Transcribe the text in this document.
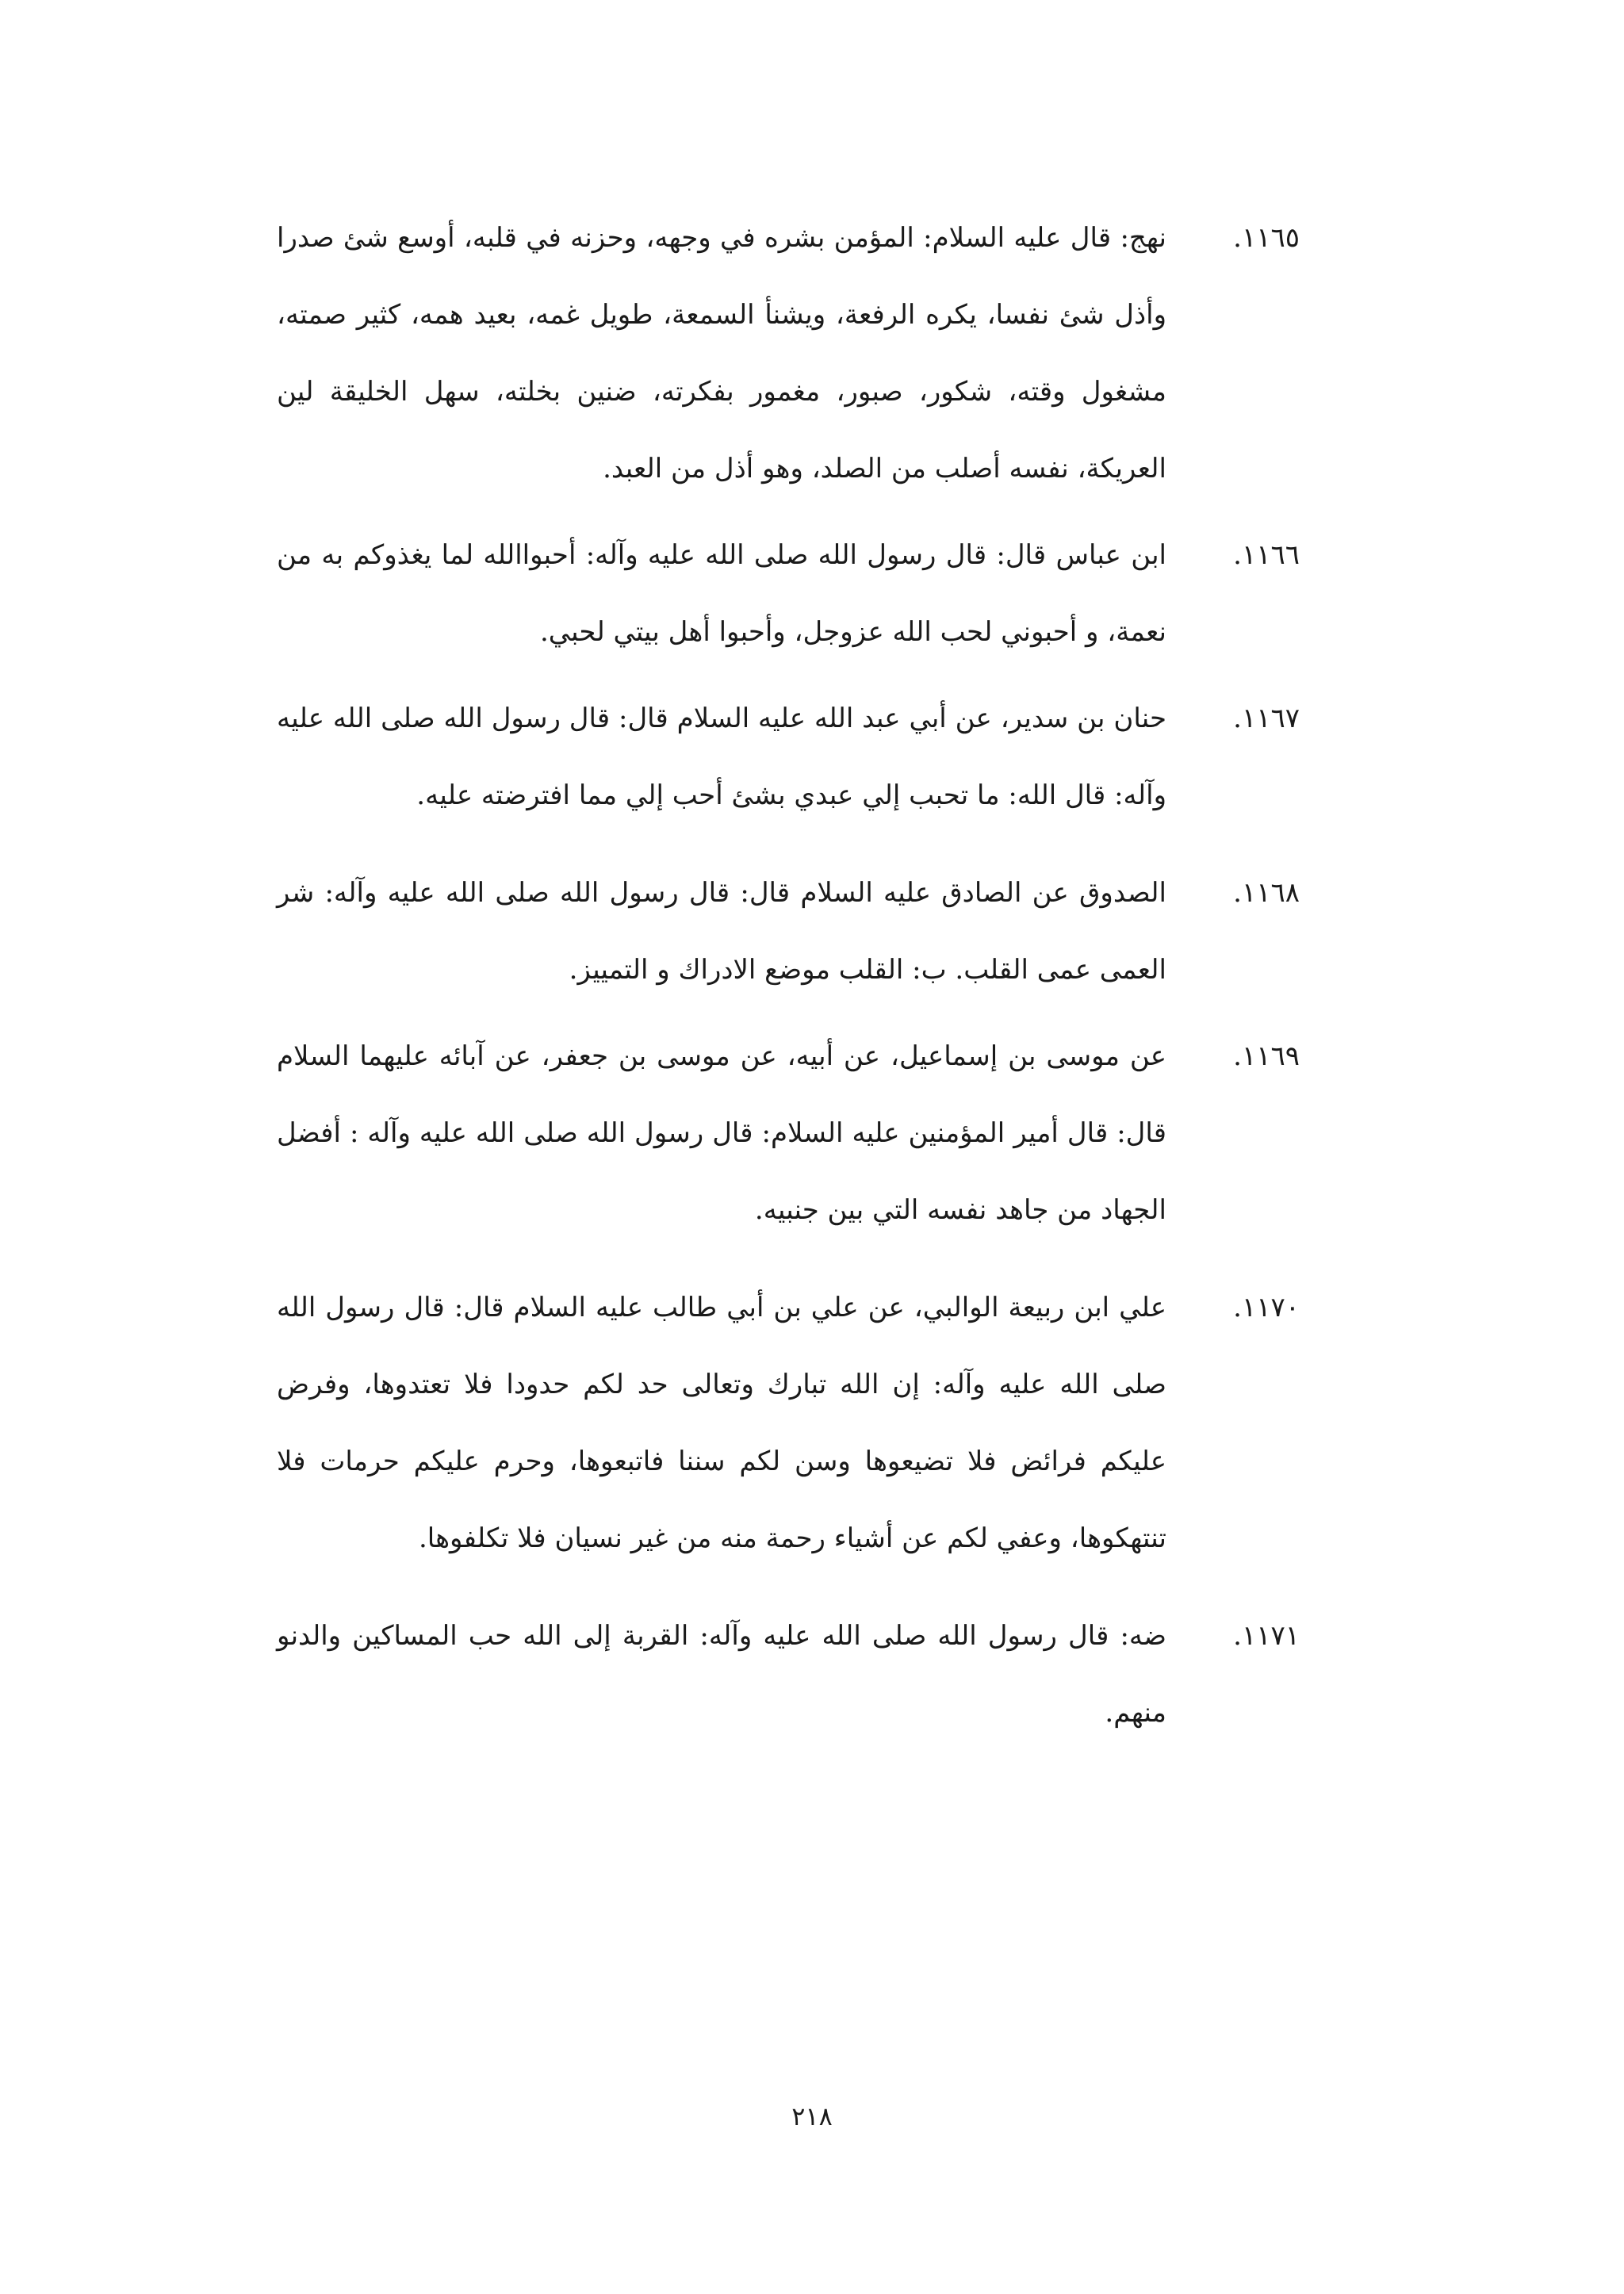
١١٦٥.
نهج: قال عليه السلام: المؤمن بشره في وجهه، وحزنه في قلبه، أوسع شئ صدرا وأذل شئ نفسا، يكره الرفعة، ويشنأ السمعة، طويل غمه، بعيد همه، كثير صمته، مشغول وقته، شكور، صبور، مغمور بفكرته، ضنين بخلته، سهل الخليقة لين العريكة، نفسه أصلب من الصلد، وهو أذل من العبد.
١١٦٦.
ابن عباس قال: قال رسول الله صلى الله عليه وآله: أحبواالله لما يغذوكم به من نعمة، و أحبوني لحب الله عزوجل، وأحبوا أهل بيتي لحبي.
١١٦٧.
حنان بن سدير، عن أبي عبد الله عليه السلام قال: قال رسول الله صلى الله عليه وآله: قال الله: ما تحبب إلي عبدي بشئ أحب إلي مما افترضته عليه.
١١٦٨.
الصدوق عن الصادق عليه السلام قال: قال رسول الله صلى الله عليه وآله: شر العمى عمى القلب. ب: القلب موضع الادراك و التمييز.
١١٦٩.
عن موسى بن إسماعيل، عن أبيه، عن موسى بن جعفر، عن آبائه عليهما السلام قال: قال أمير المؤمنين عليه السلام: قال رسول الله صلى الله عليه وآله : أفضل الجهاد من جاهد نفسه التي بين جنبيه.
١١٧٠.
علي ابن ربيعة الوالبي، عن علي بن أبي طالب عليه السلام قال: قال رسول الله صلى الله عليه وآله: إن الله تبارك وتعالى حد لكم حدودا فلا تعتدوها، وفرض عليكم فرائض فلا تضيعوها وسن لكم سننا فاتبعوها، وحرم عليكم حرمات فلا تنتهكوها، وعفي لكم عن أشياء رحمة منه من غير نسيان فلا تكلفوها.
١١٧١.
ضه: قال رسول الله صلى الله عليه وآله: القربة إلى الله حب المساكين والدنو منهم.
٢١٨
